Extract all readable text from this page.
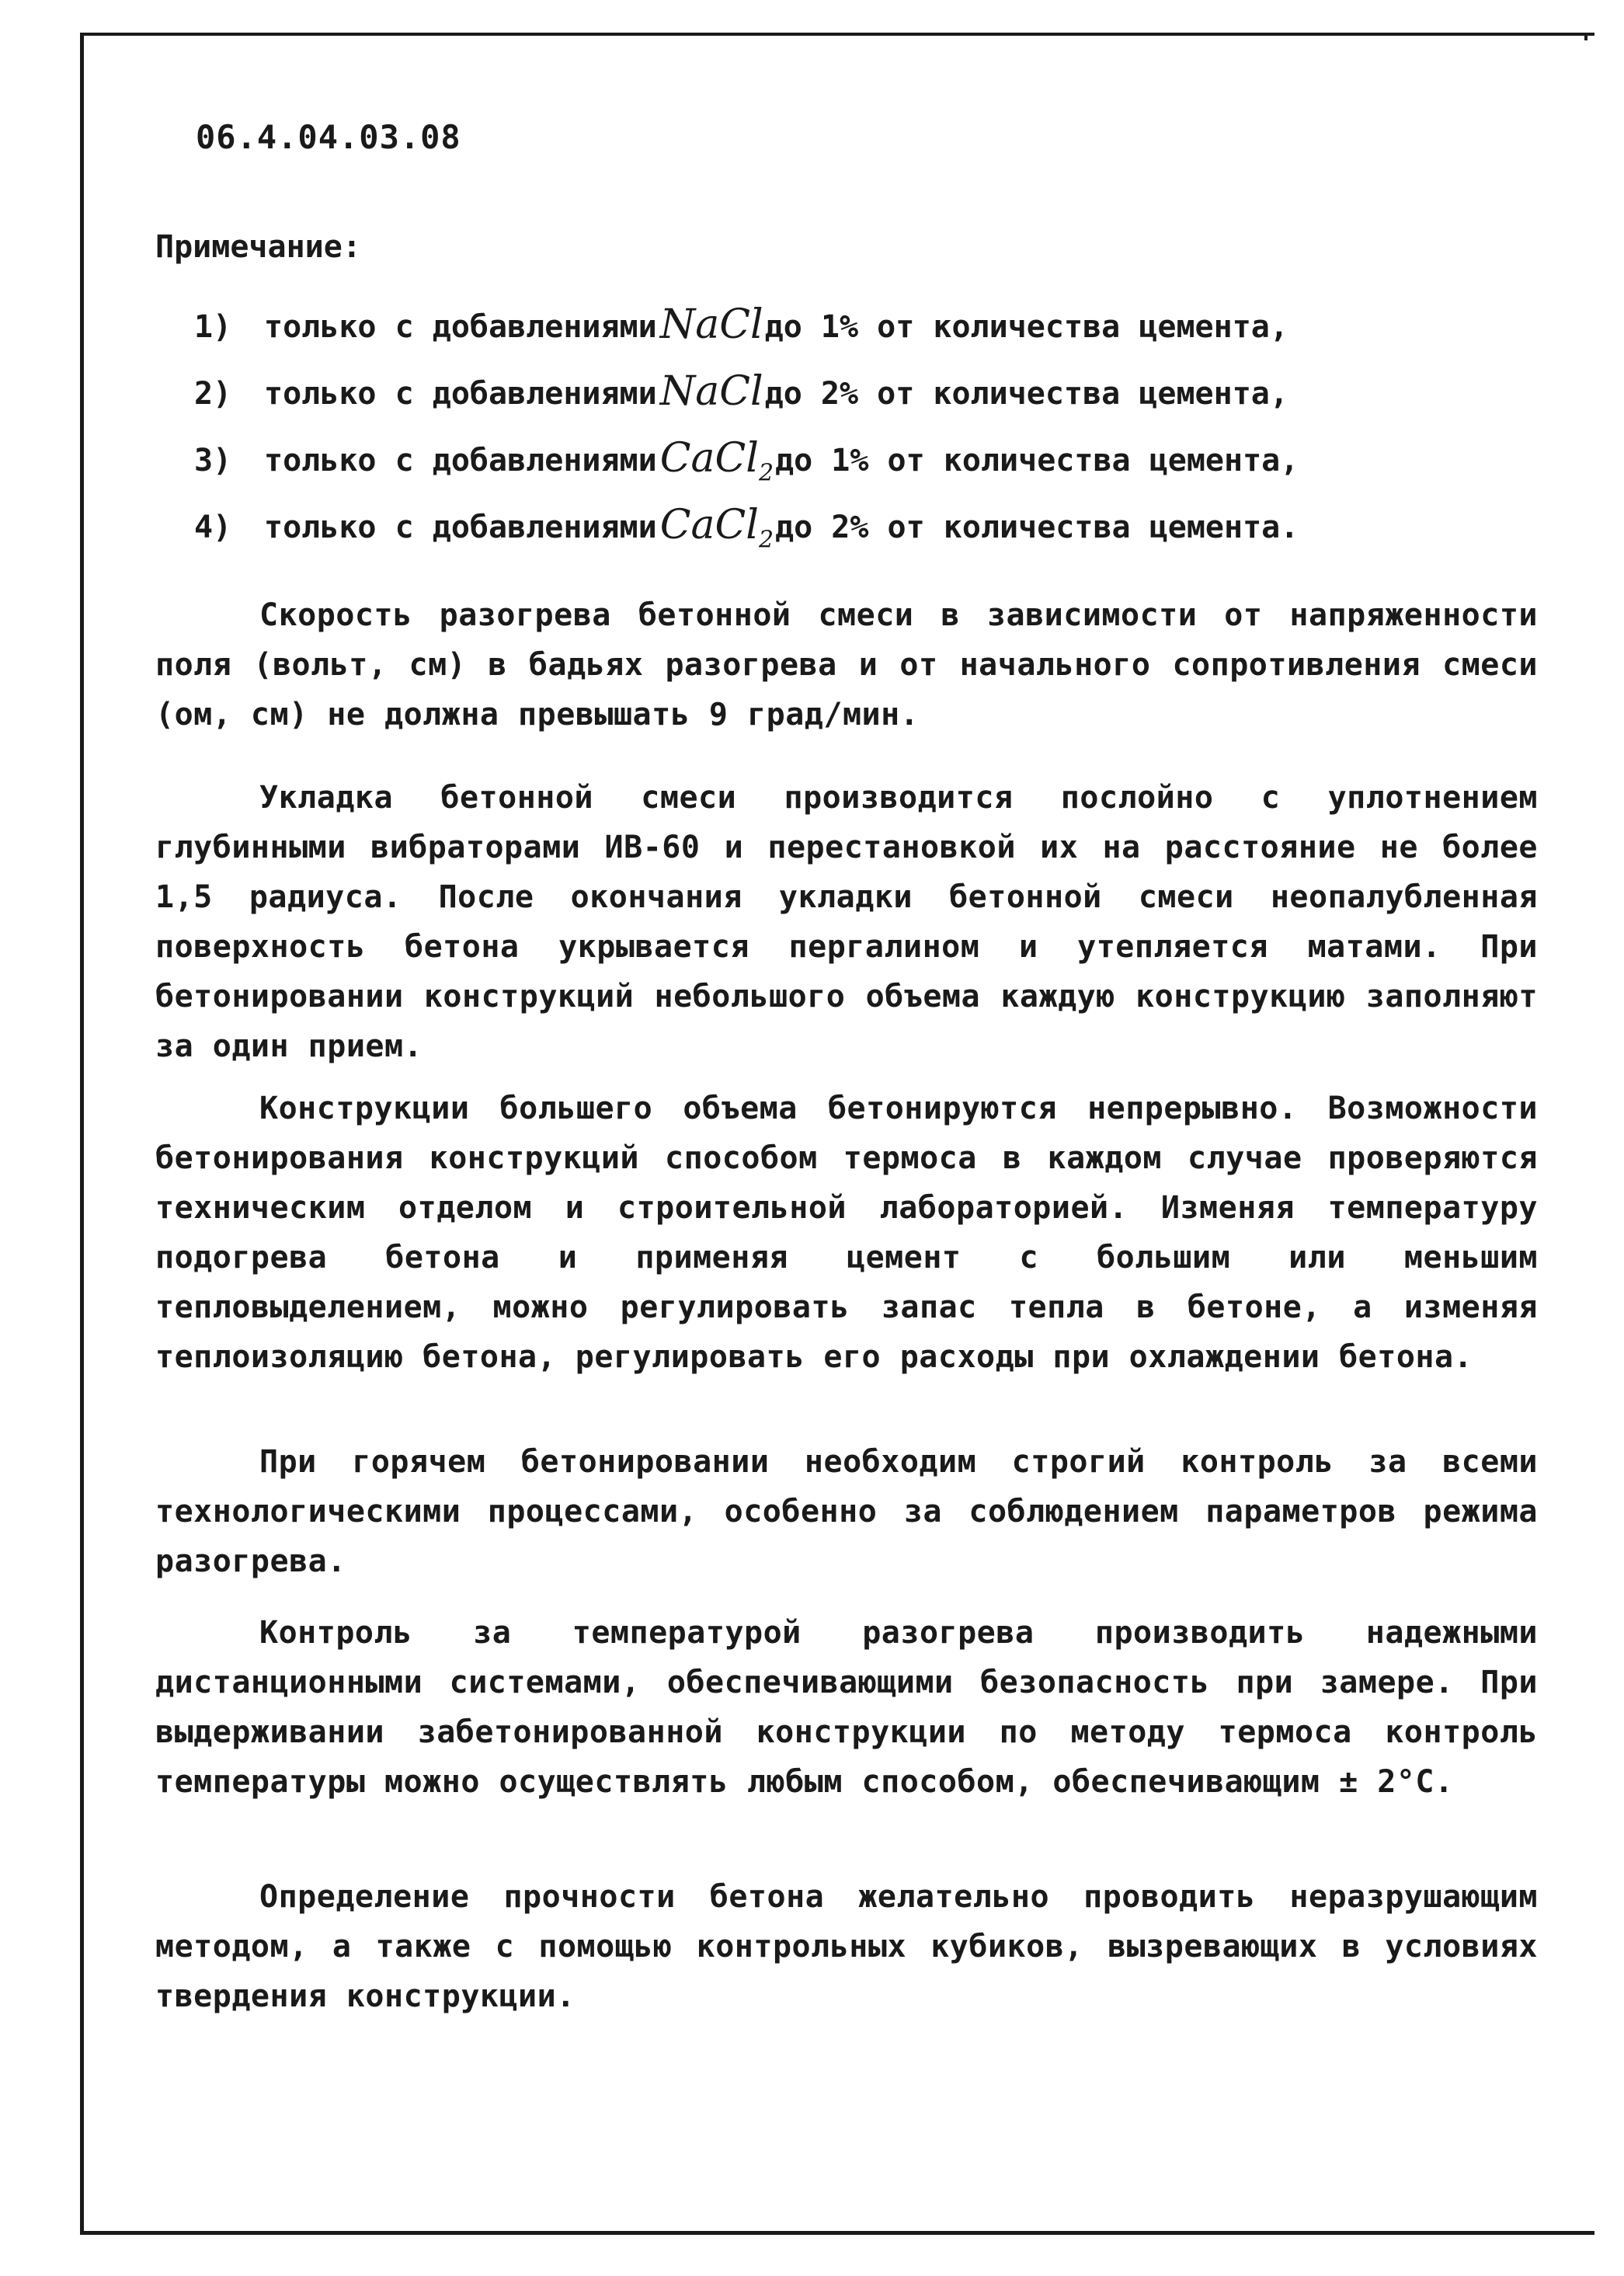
06.4.04.03.08
Примечание:
1)	только с добавлениями NaCl до 1% от количества цемента,
2)	только с добавлениями NaCl до 2% от количества цемента,
3)	только с добавлениями CaCl$_2$ до 1% от количества цемента,
4)	только с добавлениями CaCl$_2$ до 2% от количества цемента.

Скорость разогрева бетонной смеси в зависимости от напряженности поля (вольт, см) в бадьях разогрева и от начального сопротивления смеси (ом, см) не должна превышать 9 град/мин.

Укладка бетонной смеси производится послойно с уплотнением глубинными вибраторами ИВ-60 и перестановкой их на расстояние не более 1,5 радиуса. После окончания укладки бетонной смеси неопалубленная поверхность бетона укрывается пергалином и утепляется матами. При бетонировании конструкций небольшого объема каждую конструкцию заполняют за один прием.

Конструкции большего объема бетонируются непрерывно. Возможности бетонирования конструкций способом термоса в каждом случае проверяются техническим отделом и строительной лабораторией. Изменяя температуру подогрева бетона и применяя цемент с большим или меньшим тепловыделением, можно регулировать запас тепла в бетоне, а изменяя теплоизоляцию бетона, регулировать его расходы при охлаждении бетона.

При горячем бетонировании необходим строгий контроль за всеми технологическими процессами, особенно за соблюдением параметров режима разогрева.

Контроль за температурой разогрева производить надежными дистанционными системами, обеспечивающими безопасность при замере. При выдерживании забетонированной конструкции по методу термоса контроль температуры можно осуществлять любым способом, обеспечивающим ± 2°С.

Определение прочности бетона желательно проводить неразрушающим методом, а также с помощью контрольных кубиков, вызревающих в условиях твердения конструкции.
